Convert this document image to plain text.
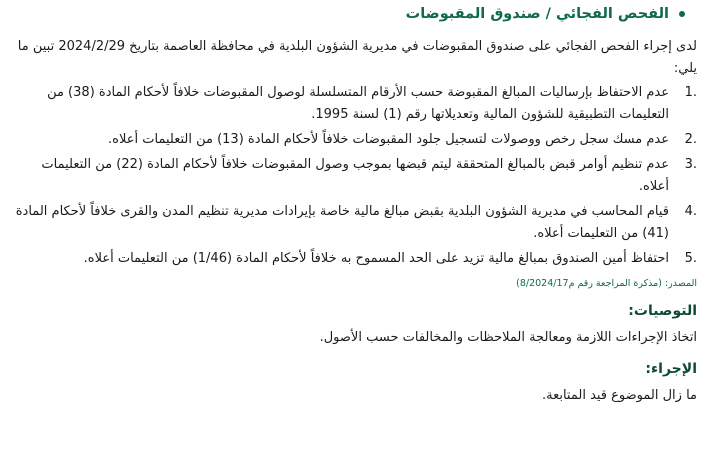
الفحص الفجائي / صندوق المقبوضات

لدى إجراء الفحص الفجائي على صندوق المقبوضات في مديرية الشؤون البلدية في محافظة العاصمة بتاريخ 2024/2/29 تبين ما يلي:

1.
عدم الاحتفاظ بإرساليات المبالغ المقبوضة حسب الأرقام المتسلسلة لوصول المقبوضات خلافاً لأحكام المادة (38) من التعليمات التطبيقية للشؤون المالية وتعديلاتها رقم (1) لسنة 1995.
2.
عدم مسك سجل رخص ووصولات لتسجيل جلود المقبوضات خلافاً لأحكام المادة (13) من التعليمات أعلاه.
3.
عدم تنظيم أوامر قبض بالمبالغ المتحققة ليتم قبضها بموجب وصول المقبوضات خلافاً لأحكام المادة (22) من التعليمات أعلاه.
4.
قيام المحاسب في مديرية الشؤون البلدية بقبض مبالغ مالية خاصة بإيرادات مديرية تنظيم المدن والقرى خلافاً لأحكام المادة (41) من التعليمات أعلاه.
5.
احتفاظ أمين الصندوق بمبالغ مالية تزيد على الحد المسموح به خلافاً لأحكام المادة (1/46) من التعليمات أعلاه.
المصدر: (مذكرة المراجعة رقم م8/2024/17)
التوصيات:

اتخاذ الإجراءات اللازمة ومعالجة الملاحظات والمخالفات حسب الأصول.

الإجراء:

ما زال الموضوع قيد المتابعة.
